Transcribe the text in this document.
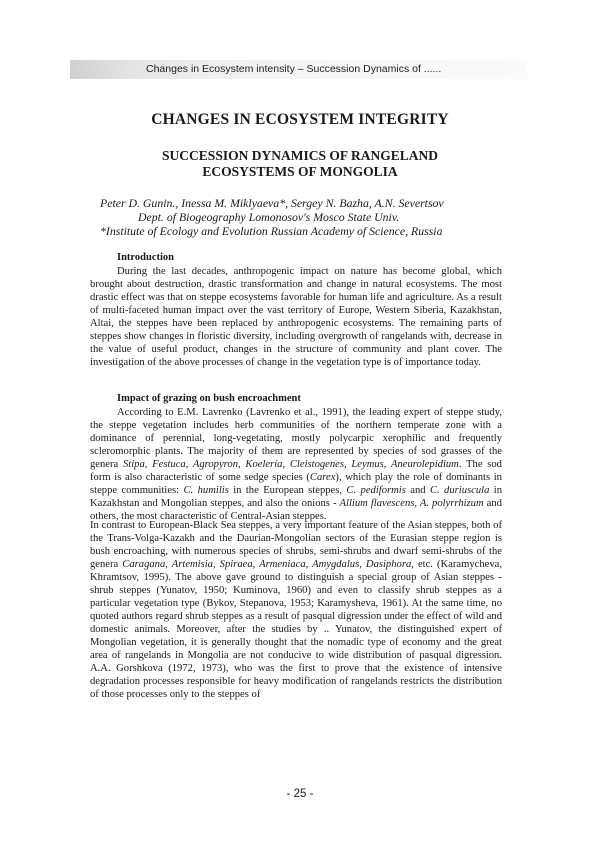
Changes in Ecosystem intensity – Succession Dynamics of ......
CHANGES IN ECOSYSTEM INTEGRITY
SUCCESSION DYNAMICS OF RANGELAND
ECOSYSTEMS OF MONGOLIA
Peter D. Gunin., Inessa M. Miklyaeva*, Sergey N. Bazha, A.N. Severtsov
Dept. of Biogeography Lomonosov's Mosco State Univ.
*Institute of Ecology and Evolution Russian Academy of Science, Russia
Introduction

During the last decades, anthropogenic impact on nature has become global, which brought about destruction, drastic transformation and change in natural ecosystems. The most drastic effect was that on steppe ecosystems favorable for human life and agriculture. As a result of multi-faceted human impact over the vast territory of Europe, Western Siberia, Kazakhstan, Altai, the steppes have been replaced by anthropogenic ecosystems. The remaining parts of steppes show changes in floristic diversity, including overgrowth of rangelands with, decrease in the value of useful product, changes in the structure of community and plant cover. The investigation of the above processes of change in the vegetation type is of importance today.

Impact of grazing on bush encroachment

According to E.M. Lavrenko (Lavrenko et al., 1991), the leading expert of steppe study, the steppe vegetation includes herb communities of the northern temperate zone with a dominance of perennial, long-vegetating, mostly polycarpic xerophilic and frequently scleromorphic plants. The majority of them are represented by species of sod grasses of the genera Stipa, Festuca, Agropyron, Koeleria, Cleistogenes, Leymus, Aneurolepidium. The sod form is also characteristic of some sedge species (Carex), which play the role of dominants in steppe communities: C. humilis in the European steppes, C. pediformis and C. duriuscula in Kazakhstan and Mongolian steppes, and also the onions - Allium flavescens, A. polyrrhizum and others, the most characteristic of Central-Asian steppes.

In contrast to European-Black Sea steppes, a very important feature of the Asian steppes, both of the Trans-Volga-Kazakh and the Daurian-Mongolian sectors of the Eurasian steppe region is bush encroaching, with numerous species of shrubs, semi-shrubs and dwarf semi-shrubs of the genera Caragana, Artemisia, Spiraea, Armeniaca, Amygdalus, Dasiphora, etc. (Karamycheva, Khramtsov, 1995). The above gave ground to distinguish a special group of Asian steppes - shrub steppes (Yunatov, 1950; Kuminova, 1960) and even to classify shrub steppes as a particular vegetation type (Bykov, Stepanova, 1953; Karamysheva, 1961). At the same time, no quoted authors regard shrub steppes as a result of pasqual digression under the effect of wild and domestic animals. Moreover, after the studies by .. Yunatov, the distinguished expert of Mongolian vegetation, it is generally thought that the nomadic type of economy and the great area of rangelands in Mongolia are not conducive to wide distribution of pasqual digression. A.A. Gorshkova (1972, 1973), who was the first to prove that the existence of intensive degradation processes responsible for heavy modification of rangelands restricts the distribution of those processes only to the steppes of

- 25 -
